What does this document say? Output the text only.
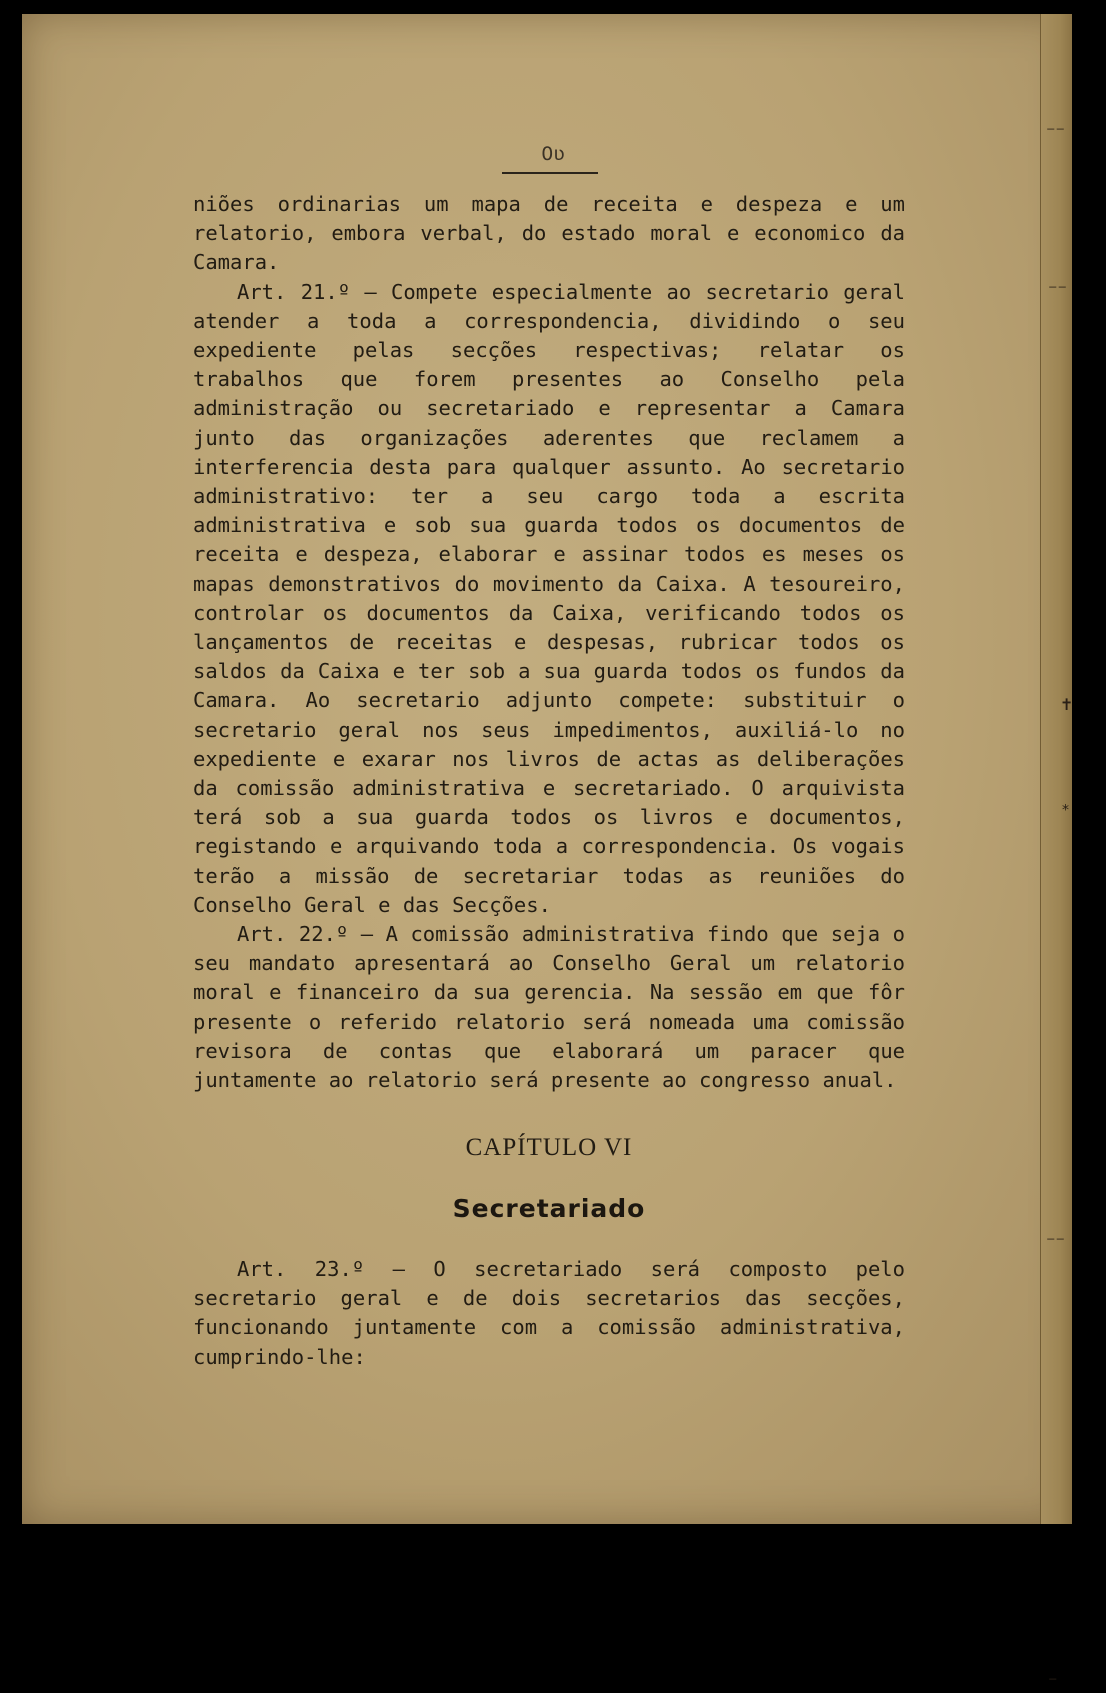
⁻⁻
⁻⁻
✝
⁎
⁻⁻
⁻
0ʋ

niões ordinarias um mapa de receita e despeza e um relatorio, embora verbal, do estado moral e economico da Camara.

Art. 21.º — Compete especialmente ao secretario geral atender a toda a correspondencia, dividindo o seu expediente pelas secções respectivas; relatar os trabalhos que forem presentes ao Conselho pela administração ou secretariado e representar a Camara junto das organizações aderentes que reclamem a interferencia desta para qualquer assunto. Ao secretario administrativo: ter a seu cargo toda a escrita administrativa e sob sua guarda todos os documentos de receita e despeza, elaborar e assinar todos es meses os mapas demonstrativos do movimento da Caixa. A tesoureiro, controlar os documentos da Caixa, verificando todos os lançamentos de receitas e despesas, rubricar todos os saldos da Caixa e ter sob a sua guarda todos os fundos da Camara. Ao secretario adjunto compete: substituir o secretario geral nos seus impedimentos, auxiliá-lo no expediente e exarar nos livros de actas as deliberações da comissão administrativa e secretariado. O arquivista terá sob a sua guarda todos os livros e documentos, registando e arquivando toda a correspondencia. Os vogais terão a missão de secretariar todas as reuniões do Conselho Geral e das Secções.

Art. 22.º — A comissão administrativa findo que seja o seu mandato apresentará ao Conselho Geral um relatorio moral e financeiro da sua gerencia. Na sessão em que fôr presente o referido relatorio será nomeada uma comissão revisora de contas que elaborará um paracer que juntamente ao relatorio será presente ao congresso anual.

CAPÍTULO VI
Secretariado

Art. 23.º — O secretariado será composto pelo secretario geral e de dois secretarios das secções, funcionando juntamente com a comissão administrativa, cumprindo-lhe:
